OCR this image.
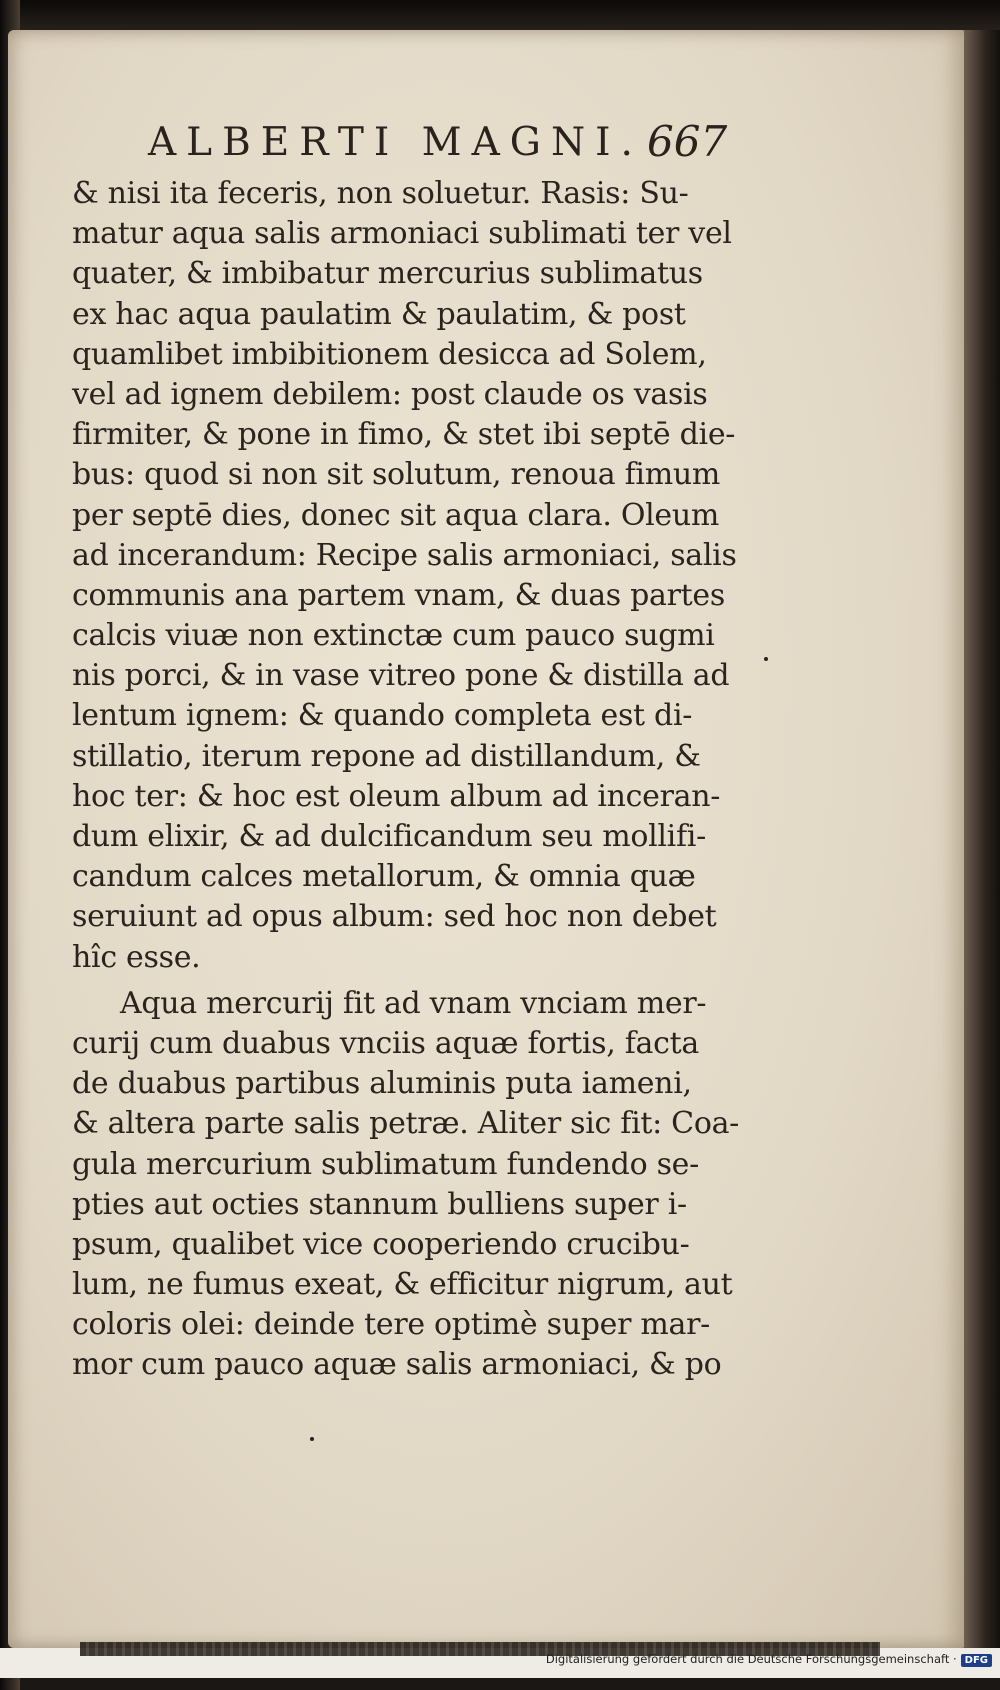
ALBERTI MAGNI. 667
& nisi ita feceris, non soluetur. Rasis: Su-
matur aqua salis armoniaci sublimati ter vel
quater, & imbibatur mercurius sublimatus
ex hac aqua paulatim & paulatim, & post
quamlibet imbibitionem desicca ad Solem,
vel ad ignem debilem: post claude os vasis
firmiter, & pone in fimo, & stet ibi septē die-
bus: quod si non sit solutum, renoua fimum
per septē dies, donec sit aqua clara. Oleum
ad incerandum: Recipe salis armoniaci, salis
communis ana partem vnam, & duas partes
calcis viuæ non extinctæ cum pauco sugmi
nis porci, & in vase vitreo pone & distilla ad
lentum ignem: & quando completa est di-
stillatio, iterum repone ad distillandum, &
hoc ter: & hoc est oleum album ad inceran-
dum elixir, & ad dulcificandum seu mollifi-
candum calces metallorum, & omnia quæ
seruiunt ad opus album: sed hoc non debet
hîc esse.
Aqua mercurij fit ad vnam vnciam mer-
curij cum duabus vnciis aquæ fortis, facta
de duabus partibus aluminis puta iameni,
& altera parte salis petræ. Aliter sic fit: Coa-
gula mercurium sublimatum fundendo se-
pties aut octies stannum bulliens super i-
psum, qualibet vice cooperiendo crucibu-
lum, ne fumus exeat, & efficitur nigrum, aut
coloris olei: deinde tere optimè super mar-
mor cum pauco aquæ salis armoniaci, & po
Digitalisierung gefördert durch die Deutsche Forschungsgemeinschaft · DFG
